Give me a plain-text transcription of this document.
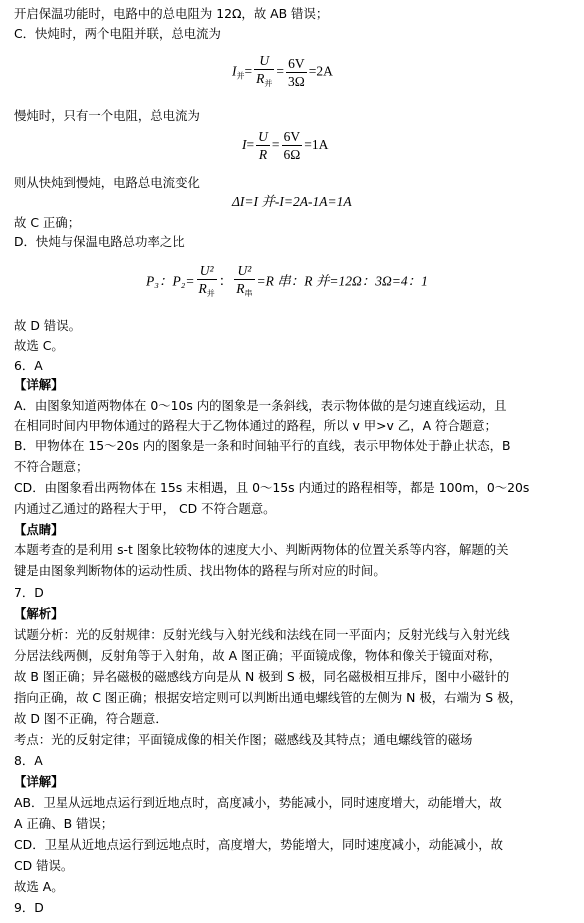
开启保温功能时，电路中的总电阻为 12Ω，故 AB 错误；
C．快炖时，两个电阻并联，总电流为
$I_并= \frac{U}{R_并} = \frac{6V}{3\Omega} =2A$
慢炖时，只有一个电阻，总电流为
$I= \frac{U}{R} = \frac{6V}{6\Omega} =1A$
则从快炖到慢炖，电路总电流变化
ΔI=I 并-I=2A-1A=1A
故 C 正确；
D．快炖与保温电路总功率之比
P₃：$P_2= \frac{\text{U²}}{R_并}$ ： $\frac{\text{U²}}{R_串} =R$ 串：R 并=12Ω：3Ω=4：1
故 D 错误。
故选 C。
6．A
【详解】
A．由图象知道两物体在 0～10s 内的图象是一条斜线，表示物体做的是匀速直线运动，且
在相同时间内甲物体通过的路程大于乙物体通过的路程，所以 v 甲>v 乙，A 符合题意；
B．甲物体在 15～20s 内的图象是一条和时间轴平行的直线，表示甲物体处于静止状态，B
不符合题意；
CD．由图象看出两物体在 15s 末相遇，且 0～15s 内通过的路程相等，都是 100m，0～20s
内通过乙通过的路程大于甲， CD 不符合题意。
【点睛】
本题考查的是利用 s-t 图象比较物体的速度大小、判断两物体的位置关系等内容，解题的关
键是由图象判断物体的运动性质、找出物体的路程与所对应的时间。
7．D
【解析】
试题分析：光的反射规律：反射光线与入射光线和法线在同一平面内；反射光线与入射光线
分居法线两侧，反射角等于入射角，故 A 图正确；平面镜成像，物体和像关于镜面对称，
故 B 图正确；异名磁极的磁感线方向是从 N 极到 S 极，同名磁极相互排斥，图中小磁针的
指向正确，故 C 图正确；根据安培定则可以判断出通电螺线管的左侧为 N 极，右端为 S 极，
故 D 图不正确，符合题意．
考点：光的反射定律；平面镜成像的相关作图；磁感线及其特点；通电螺线管的磁场
8．A
【详解】
AB．卫星从远地点运行到近地点时，高度减小，势能减小，同时速度增大，动能增大，故
A 正确、B 错误；
CD．卫星从近地点运行到远地点时，高度增大，势能增大，同时速度减小，动能减小，故
CD 错误。
故选 A。
9．D
